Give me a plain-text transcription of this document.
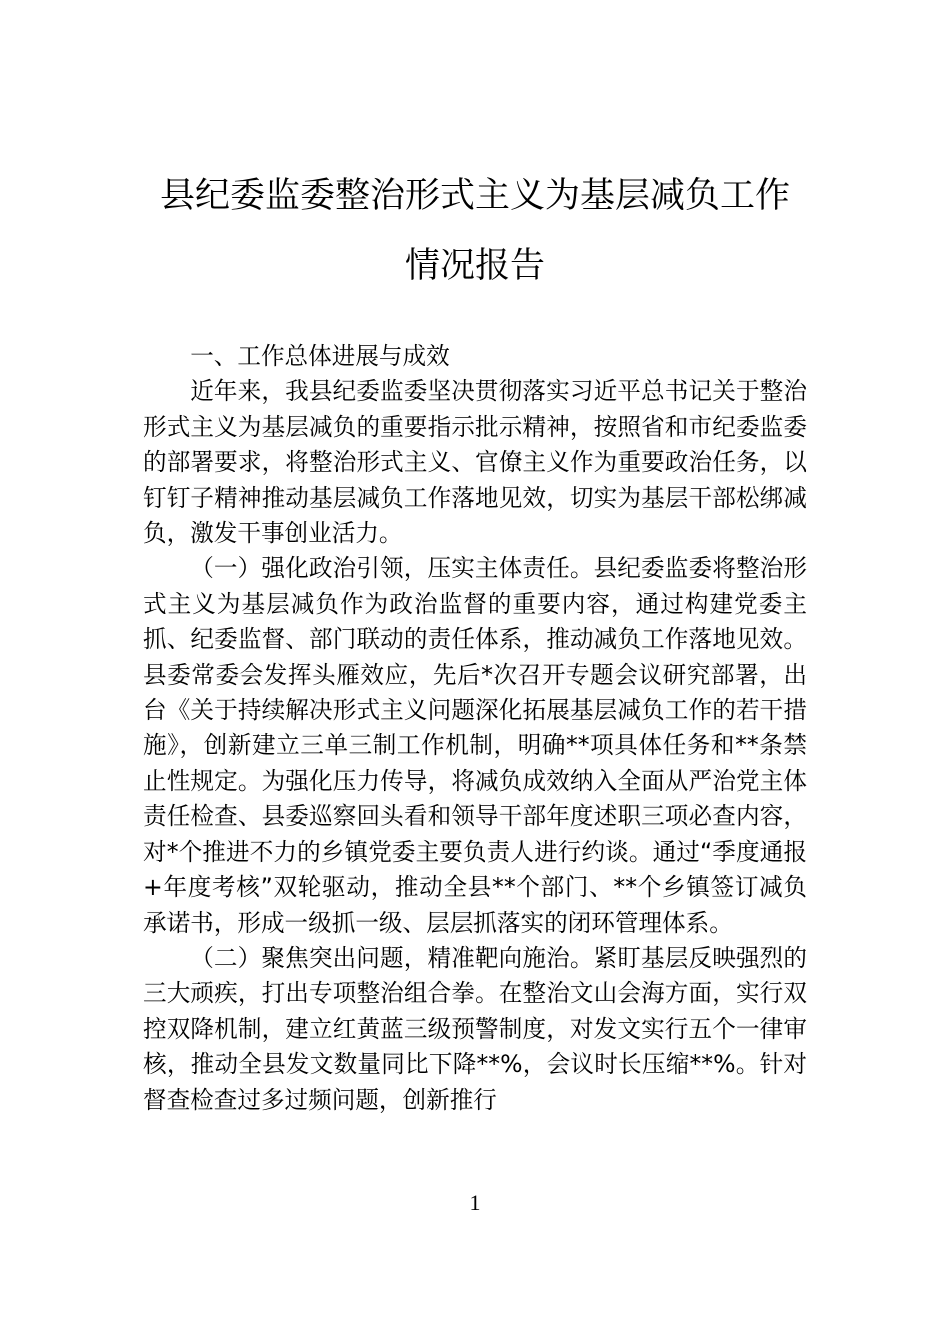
县纪委监委整治形式主义为基层减负工作
情况报告

一、工作总体进展与成效

近年来，我县纪委监委坚决贯彻落实习近平总书记关于整治形式主义为基层减负的重要指示批示精神，按照省和市纪委监委的部署要求，将整治形式主义、官僚主义作为重要政治任务，以钉钉子精神推动基层减负工作落地见效，切实为基层干部松绑减负，激发干事创业活力。

（一）强化政治引领，压实主体责任。县纪委监委将整治形式主义为基层减负作为政治监督的重要内容，通过构建党委主抓、纪委监督、部门联动的责任体系，推动减负工作落地见效。县委常委会发挥头雁效应，先后*次召开专题会议研究部署，出台《关于持续解决形式主义问题深化拓展基层减负工作的若干措施》，创新建立三单三制工作机制，明确**项具体任务和**条禁止性规定。为强化压力传导，将减负成效纳入全面从严治党主体责任检查、县委巡察回头看和领导干部年度述职三项必查内容，对*个推进不力的乡镇党委主要负责人进行约谈。通过“季度通报+年度考核”双轮驱动，推动全县**个部门、**个乡镇签订减负承诺书，形成一级抓一级、层层抓落实的闭环管理体系。

（二）聚焦突出问题，精准靶向施治。紧盯基层反映强烈的三大顽疾，打出专项整治组合拳。在整治文山会海方面，实行双控双降机制，建立红黄蓝三级预警制度，对发文实行五个一律审核，推动全县发文数量同比下降**%，会议时长压缩**%。针对督查检查过多过频问题，创新推行

1
